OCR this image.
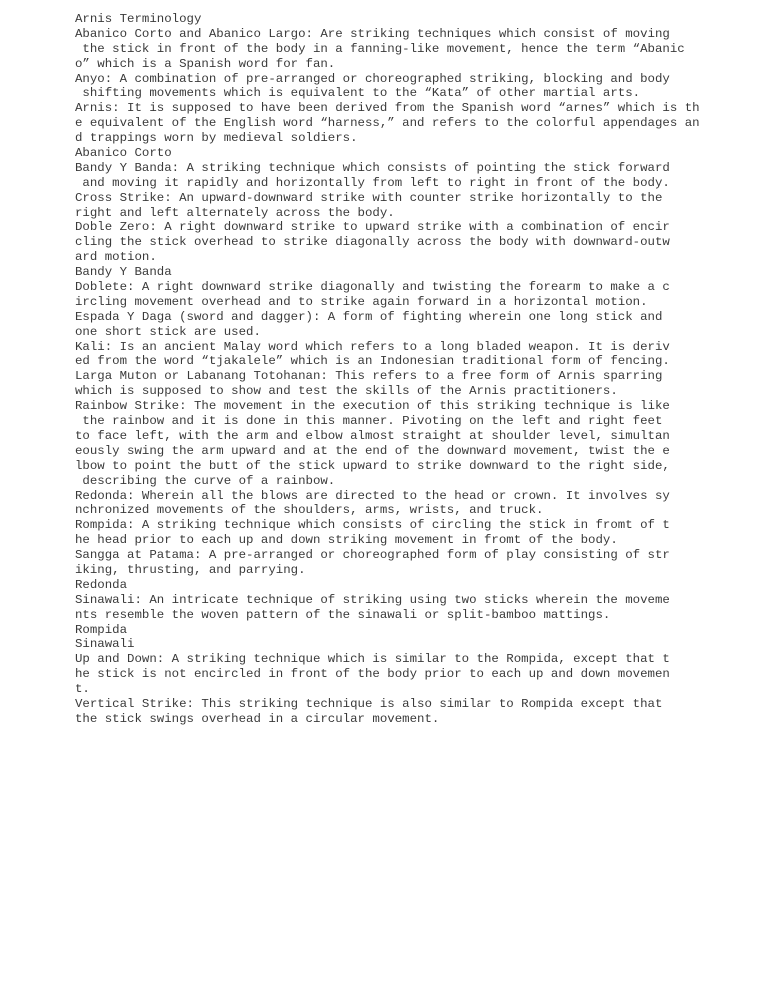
Arnis Terminology
Abanico Corto and Abanico Largo: Are striking techniques which consist of moving
the stick in front of the body in a fanning-like movement, hence the term “Abanic
o” which is a Spanish word for fan.
Anyo: A combination of pre-arranged or choreographed striking, blocking and body
shifting movements which is equivalent to the “Kata” of other martial arts.
Arnis: It is supposed to have been derived from the Spanish word “arnes” which is th
e equivalent of the English word “harness,” and refers to the colorful appendages an
d trappings worn by medieval soldiers.
Abanico Corto
Bandy Y Banda: A striking technique which consists of pointing the stick forward
and moving it rapidly and horizontally from left to right in front of the body.
Cross Strike: An upward-downward strike with counter strike horizontally to the
right and left alternately across the body.
Doble Zero: A right downward strike to upward strike with a combination of encir
cling the stick overhead to strike diagonally across the body with downward-outw
ard motion.
Bandy Y Banda
Doblete: A right downward strike diagonally and twisting the forearm to make a c
ircling movement overhead and to strike again forward in a horizontal motion.
Espada Y Daga (sword and dagger): A form of fighting wherein one long stick and
one short stick are used.
Kali: Is an ancient Malay word which refers to a long bladed weapon. It is deriv
ed from the word “tjakalele” which is an Indonesian traditional form of fencing.
Larga Muton or Labanang Totohanan: This refers to a free form of Arnis sparring
which is supposed to show and test the skills of the Arnis practitioners.
Rainbow Strike: The movement in the execution of this striking technique is like
the rainbow and it is done in this manner. Pivoting on the left and right feet
to face left, with the arm and elbow almost straight at shoulder level, simultan
eously swing the arm upward and at the end of the downward movement, twist the e
lbow to point the butt of the stick upward to strike downward to the right side,
describing the curve of a rainbow.
Redonda: Wherein all the blows are directed to the head or crown. It involves sy
nchronized movements of the shoulders, arms, wrists, and truck.
Rompida: A striking technique which consists of circling the stick in fromt of t
he head prior to each up and down striking movement in fromt of the body.
Sangga at Patama: A pre-arranged or choreographed form of play consisting of str
iking, thrusting, and parrying.
Redonda
Sinawali: An intricate technique of striking using two sticks wherein the moveme
nts resemble the woven pattern of the sinawali or split-bamboo mattings.
Rompida
Sinawali
Up and Down: A striking technique which is similar to the Rompida, except that t
he stick is not encircled in front of the body prior to each up and down movemen
t.
Vertical Strike: This striking technique is also similar to Rompida except that
the stick swings overhead in a circular movement.
